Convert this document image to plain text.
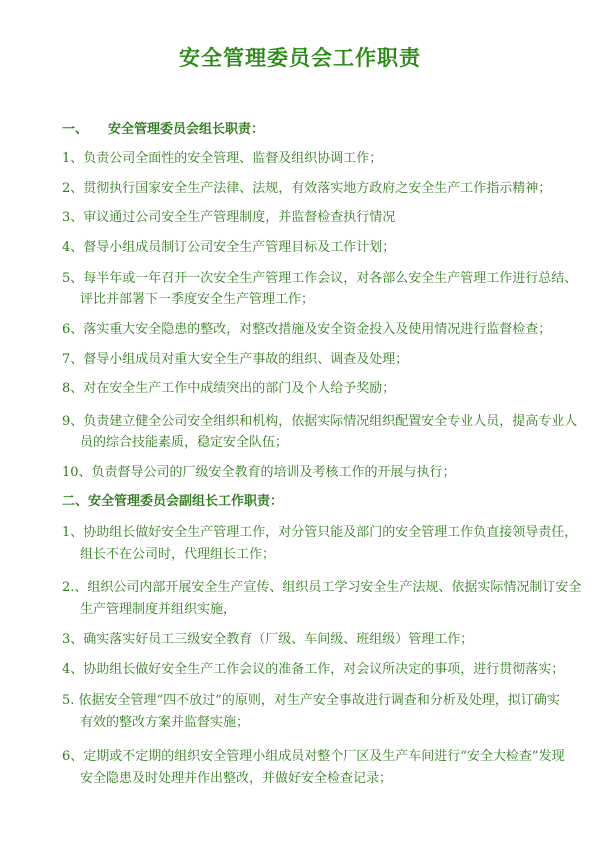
安全管理委员会工作职责
一、 安全管理委员会组长职责：
1、负责公司全面性的安全管理、监督及组织协调工作；
2、贯彻执行国家安全生产法律、法规，有效落实地方政府之安全生产工作指示精神；
3、审议通过公司安全生产管理制度，并监督检查执行情况
4、督导小组成员制订公司安全生产管理目标及工作计划；
5、每半年或一年召开一次安全生产管理工作会议，对各部么安全生产管理工作进行总结、
评比并部署下一季度安全生产管理工作；
6、落实重大安全隐患的整改，对整改措施及安全资金投入及使用情况进行监督检查；
7、督导小组成员对重大安全生产事故的组织、调查及处理；
8、对在安全生产工作中成绩突出的部门及个人给予奖励；
9、负责建立健全公司安全组织和机构，依据实际情况组织配置安全专业人员，提高专业人
员的综合技能素质，稳定安全队伍；
10、负责督导公司的厂级安全教育的培训及考核工作的开展与执行；
二、安全管理委员会副组长工作职责：
1、协助组长做好安全生产管理工作，对分管只能及部门的安全管理工作负直接领导责任，
组长不在公司时，代理组长工作；
2.、组织公司内部开展安全生产宣传、组织员工学习安全生产法规、依据实际情况制订安全
生产管理制度并组织实施，
3、确实落实好员工三级安全教育（厂级、车间级、班组级）管理工作；
4、协助组长做好安全生产工作会议的准备工作，对会议所决定的事项，进行贯彻落实；
5. 依据安全管理“四不放过”的原则，对生产安全事故进行调查和分析及处理，拟订确实
有效的整改方案并监督实施；
6、定期或不定期的组织安全管理小组成员对整个厂区及生产车间进行“安全大检查”发现
安全隐患及时处理并作出整改，并做好安全检查记录；
